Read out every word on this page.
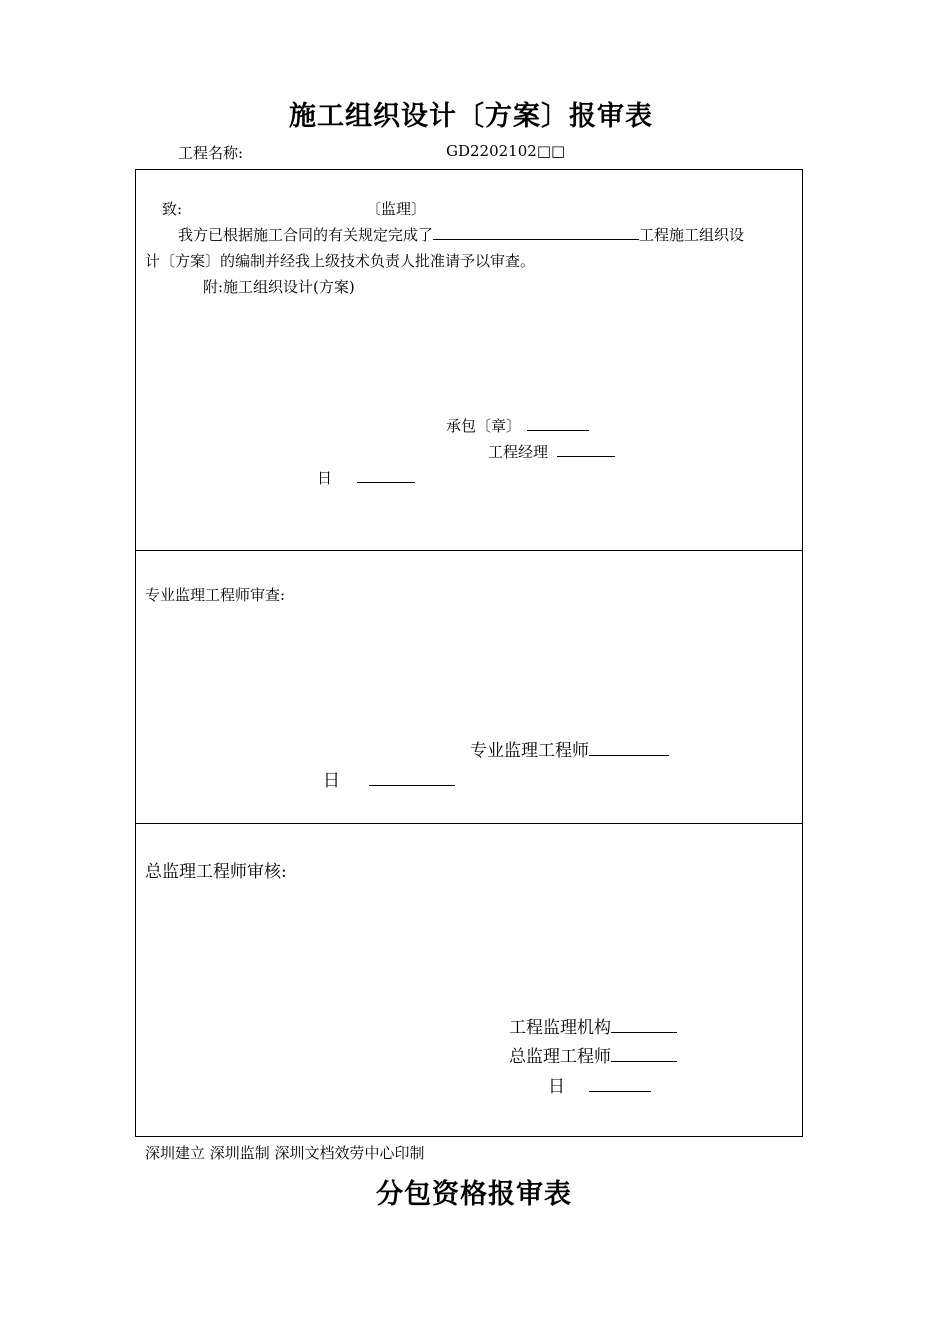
施工组织设计〔方案〕报审表
工程名称:	GD2202102□□
致:	〔监理〕
我方已根据施工合同的有关规定完成了	工程施工组织设
计〔方案〕的编制并经我上级技术负责人批准请予以审查。
附:施工组织设计(方案)
承包〔章〕
工程经理
日
专业监理工程师审查:
专业监理工程师
日
总监理工程师审核:
工程监理机构
总监理工程师
日
深圳建立 深圳监制 深圳文档效劳中心印制
分包资格报审表
